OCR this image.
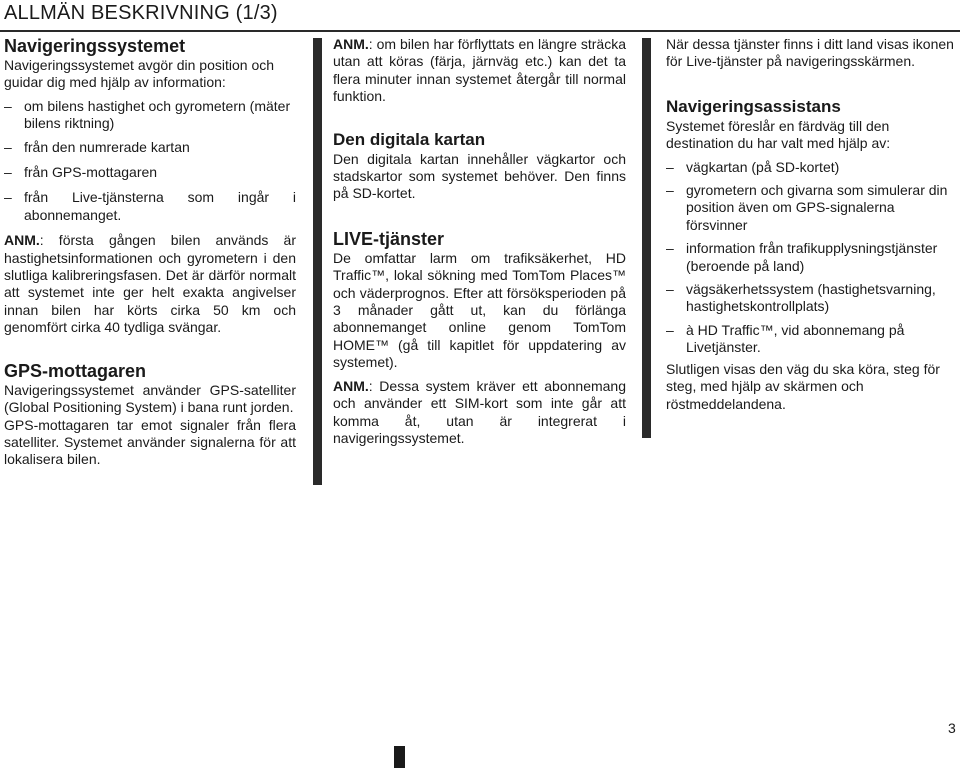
ALLMÄN BESKRIVNING (1/3)
Navigeringssystemet

Navigeringssystemet avgör din position och guidar dig med hjälp av information:

– om bilens hastighet och gyrometern (mäter bilens riktning)
– från den numrerade kartan
– från GPS-mottagaren
– från Live-tjänsterna som ingår i abonnemanget.

ANM.: första gången bilen används är hastighetsinformationen och gyrometern i den slutliga kalibreringsfasen. Det är därför normalt att systemet inte ger helt exakta angivelser innan bilen har körts cirka 50 km och genomfört cirka 40 tydliga svängar.

GPS-mottagaren

Navigeringssystemet använder GPS-satelliter (Global Positioning System) i bana runt jorden.

GPS-mottagaren tar emot signaler från flera satelliter. Systemet använder signalerna för att lokalisera bilen.

ANM.: om bilen har förflyttats en längre sträcka utan att köras (färja, järnväg etc.) kan det ta flera minuter innan systemet återgår till normal funktion.

Den digitala kartan

Den digitala kartan innehåller vägkartor och stadskartor som systemet behöver. Den finns på SD-kortet.

LIVE-tjänster

De omfattar larm om trafiksäkerhet, HD Traffic™, lokal sökning med TomTom Places™ och väderprognos. Efter att försöksperioden på 3 månader gått ut, kan du förlänga abonnemanget online genom TomTom HOME™ (gå till kapitlet för uppdatering av systemet).

ANM.: Dessa system kräver ett abonnemang och använder ett SIM-kort som inte går att komma åt, utan är integrerat i navigeringssystemet.

När dessa tjänster finns i ditt land visas ikonen för Live-tjänster på navigeringsskärmen.

Navigeringsassistans

Systemet föreslår en färdväg till den destination du har valt med hjälp av:

– vägkartan (på SD-kortet)
– gyrometern och givarna som simulerar din position även om GPS-signalerna försvinner
– information från trafikupplysningstjänster (beroende på land)
– vägsäkerhetssystem (hastighetsvarning, hastighetskontrollplats)
– à HD Traffic™, vid abonnemang på Livetjänster.

Slutligen visas den väg du ska köra, steg för steg, med hjälp av skärmen och röstmeddelandena.

3
